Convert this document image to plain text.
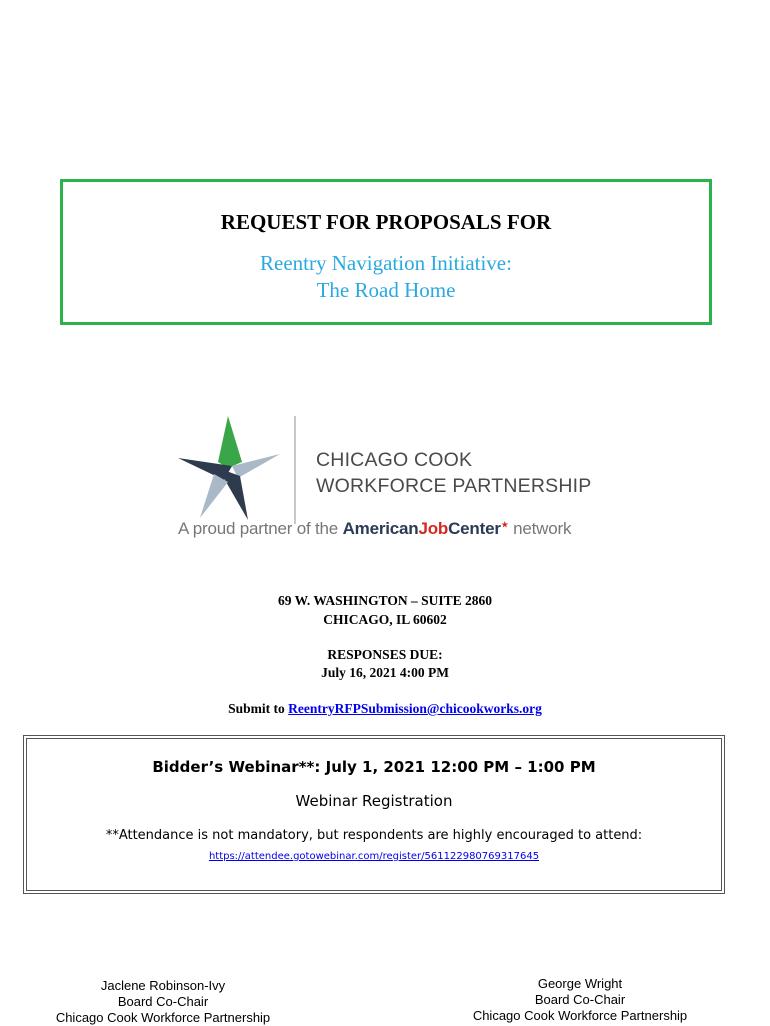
REQUEST FOR PROPOSALS FOR
Reentry Navigation Initiative:
The Road Home
CHICAGO COOK
WORKFORCE PARTNERSHIP
A proud partner of the AmericanJobCenter★ network
69 W. WASHINGTON – SUITE 2860
CHICAGO, IL 60602
RESPONSES DUE:
July 16, 2021 4:00 PM
Submit to ReentryRFPSubmission@chicookworks.org
Bidder’s Webinar**: July 1, 2021 12:00 PM – 1:00 PM
Webinar Registration
**Attendance is not mandatory, but respondents are highly encouraged to attend:
https://attendee.gotowebinar.com/register/561122980769317645
Jaclene Robinson-Ivy
Board Co-Chair
Chicago Cook Workforce Partnership
George Wright
Board Co-Chair
Chicago Cook Workforce Partnership
